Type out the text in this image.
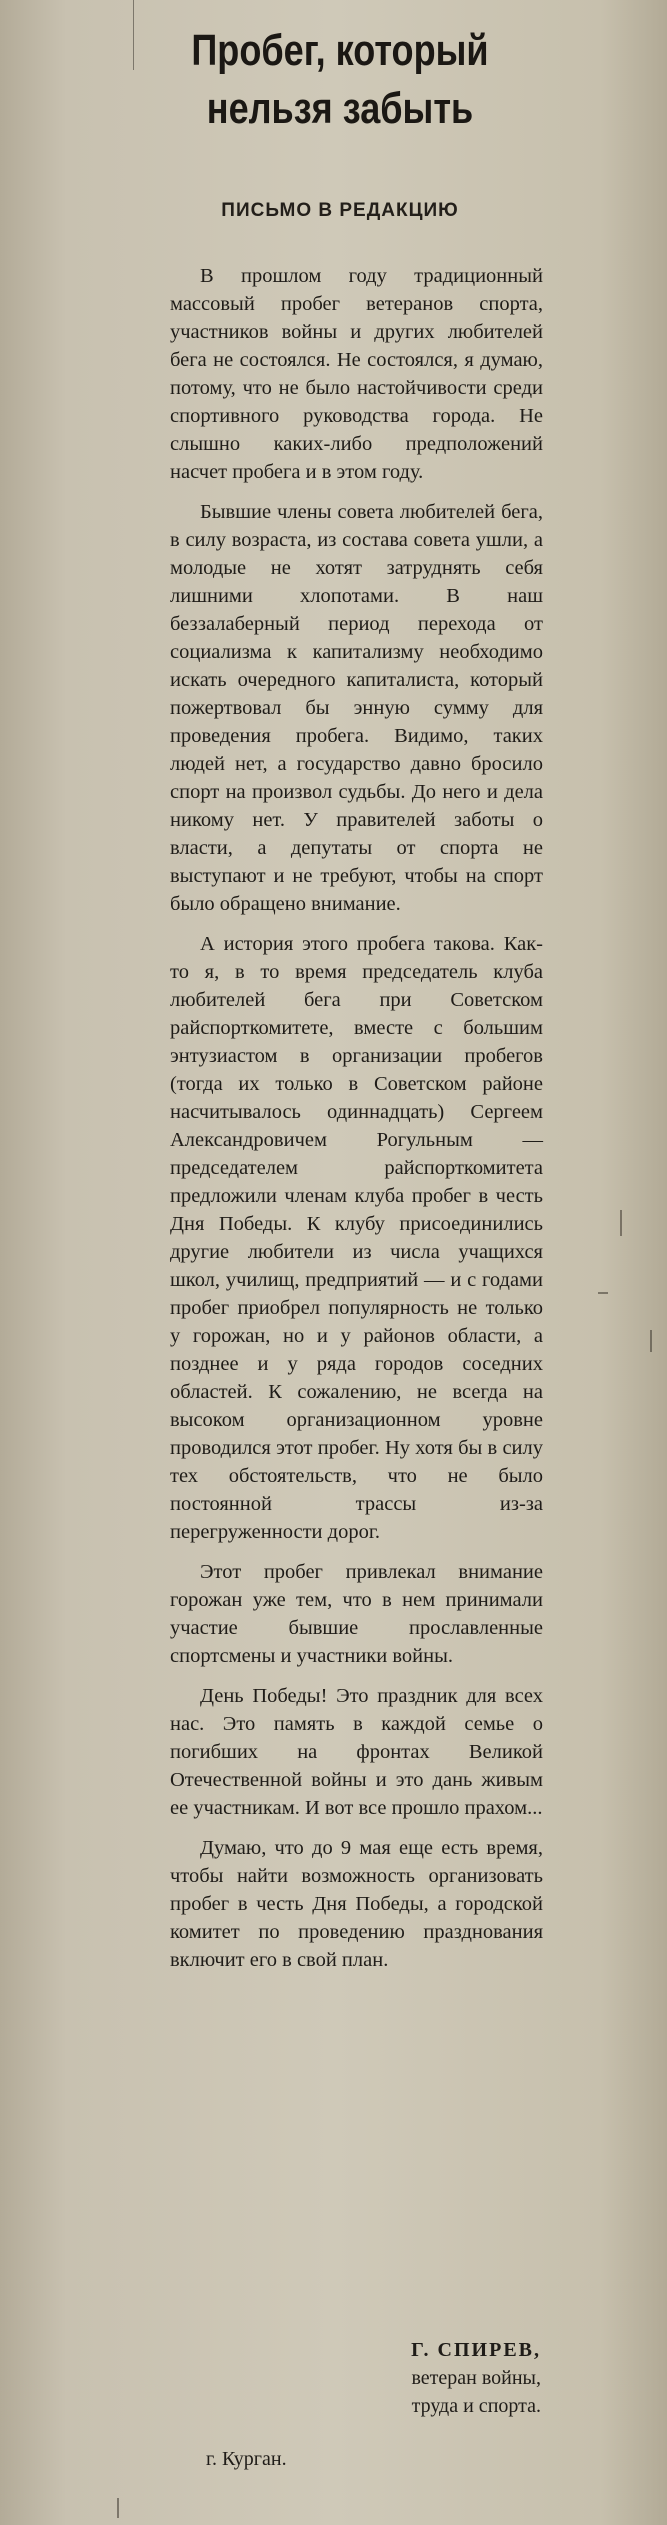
Пробег, который
нельзя забыть
ПИСЬМО В РЕДАКЦИЮ

В прошлом году традиционный массовый пробег ветеранов спорта, участников войны и других любителей бега не состоялся. Не состоялся, я думаю, потому, что не было настойчивости среди спортивного руководства города. Не слышно каких-либо предположений насчет пробега и в этом году.

Бывшие члены совета любителей бега, в силу возраста, из состава совета ушли, а молодые не хотят затруднять себя лишними хлопотами. В наш беззалаберный период перехода от социализма к капитализму необходимо искать очередного капиталиста, который пожертвовал бы энную сумму для проведения пробега. Видимо, таких людей нет, а государство давно бросило спорт на произвол судьбы. До него и дела никому нет. У правителей заботы о власти, а депутаты от спорта не выступают и не требуют, чтобы на спорт было обращено внимание.

А история этого пробега такова. Как-то я, в то время председатель клуба любителей бега при Советском райспорткомитете, вместе с большим энтузиастом в организации пробегов (тогда их только в Советском районе насчитывалось одиннадцать) Сергеем Александровичем Рогульным — председателем райспорткомитета предложили членам клуба пробег в честь Дня Победы. К клубу присоединились другие любители из числа учащихся школ, училищ, предприятий — и с годами пробег приобрел популярность не только у горожан, но и у районов области, а позднее и у ряда городов соседних областей. К сожалению, не всегда на высоком организационном уровне проводился этот пробег. Ну хотя бы в силу тех обстоятельств, что не было постоянной трассы из-за перегруженности дорог.

Этот пробег привлекал внимание горожан уже тем, что в нем принимали участие бывшие прославленные спортсмены и участники войны.

День Победы! Это праздник для всех нас. Это память в каждой семье о погибших на фронтах Великой Отечественной войны и это дань живым ее участникам. И вот все прошло прахом...

Думаю, что до 9 мая еще есть время, чтобы найти возможность организовать пробег в честь Дня Победы, а городской комитет по проведению празднования включит его в свой план.

Г. СПИРЕВ,
ветеран войны,
труда и спорта.
г. Курган.
